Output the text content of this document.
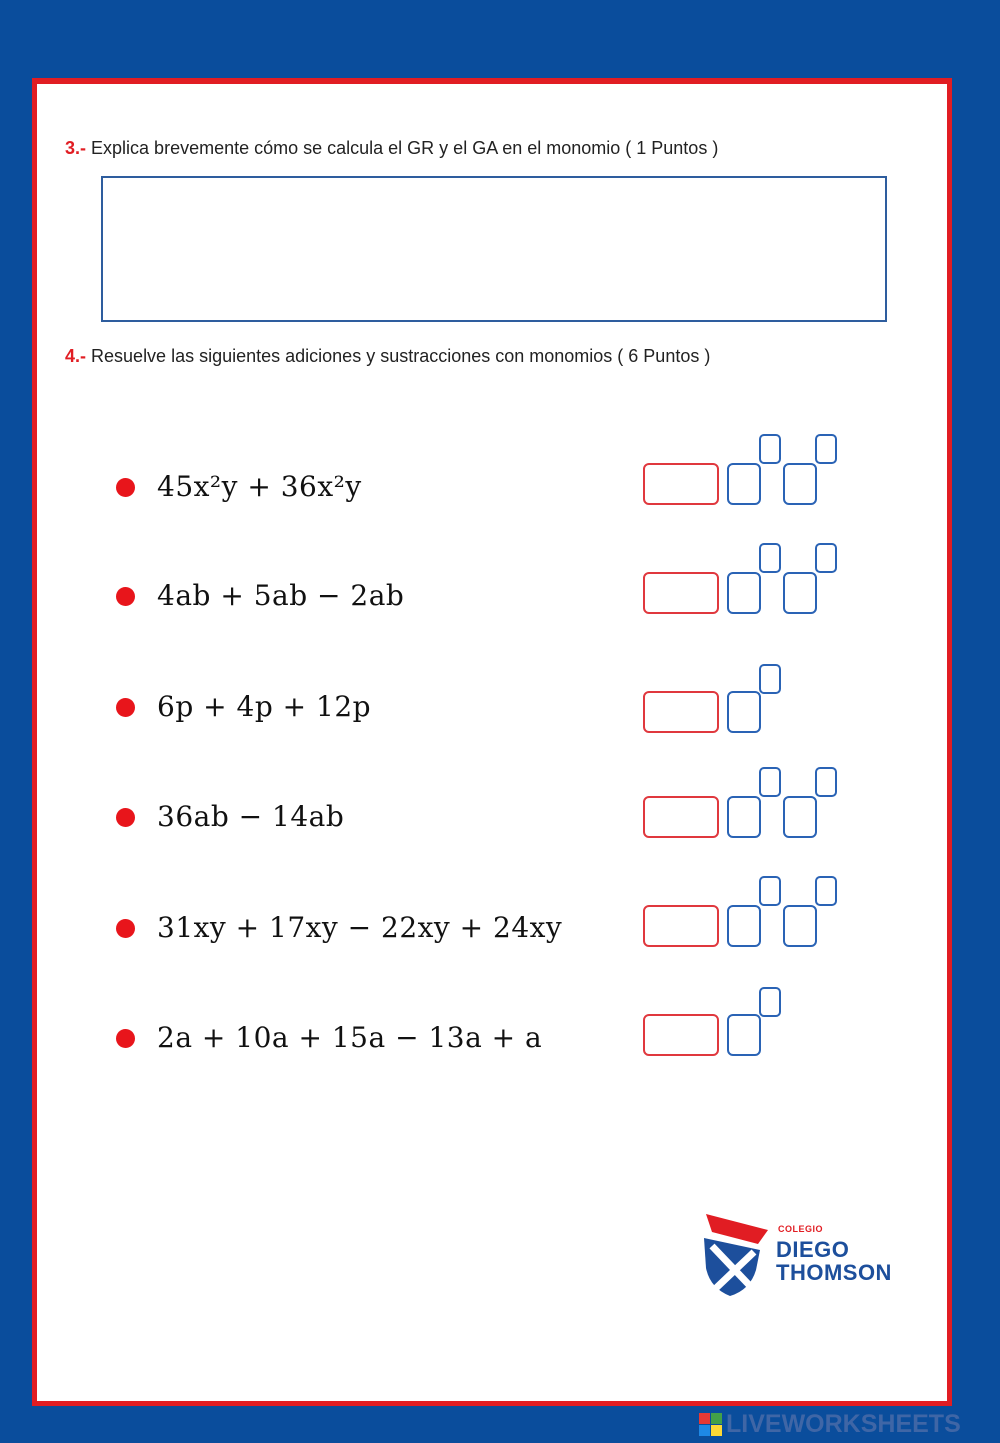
3.- Explica brevemente cómo se calcula el GR y el GA en el monomio ( 1 Puntos )
4.- Resuelve las siguientes adiciones y sustracciones con monomios ( 6 Puntos )
45x²y + 36x²y
4ab + 5ab − 2ab
6p + 4p + 12p
36ab − 14ab
31xy + 17xy − 22xy + 24xy
2a + 10a + 15a − 13a + a
COLEGIO
DIEGO
THOMSON
LIVEWORKSHEETS
